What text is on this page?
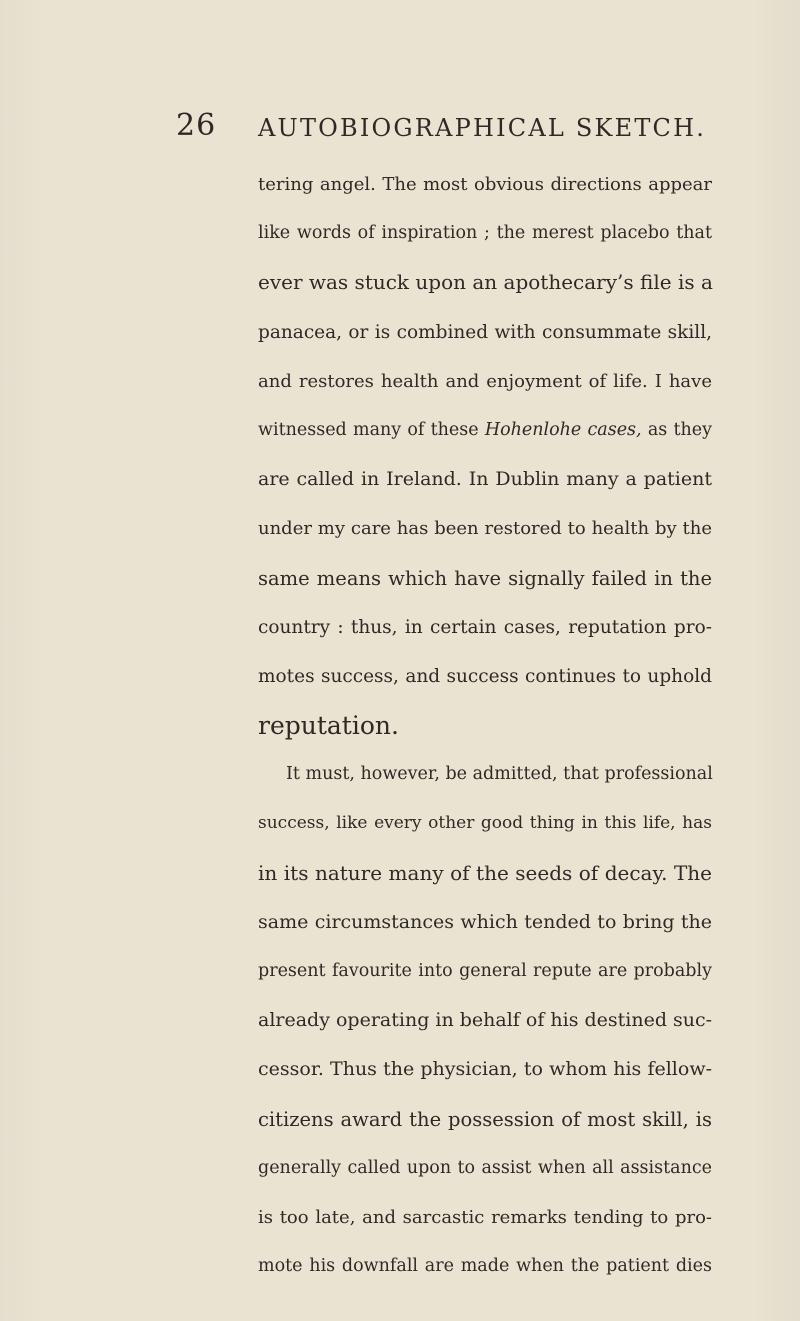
26 AUTOBIOGRAPHICAL SKETCH.
tering angel. The most obvious directions appear
like words of inspiration ; the merest placebo that
ever was stuck upon an apothecary’s file is a
panacea, or is combined with consummate skill,
and restores health and enjoyment of life. I have
witnessed many of these Hohenlohe cases, as they
are called in Ireland. In Dublin many a patient
under my care has been restored to health by the
same means which have signally failed in the
country : thus, in certain cases, reputation pro-
motes success, and success continues to uphold
reputation.
It must, however, be admitted, that professional
success, like every other good thing in this life, has
in its nature many of the seeds of decay. The
same circumstances which tended to bring the
present favourite into general repute are probably
already operating in behalf of his destined suc-
cessor. Thus the physician, to whom his fellow-
citizens award the possession of most skill, is
generally called upon to assist when all assistance
is too late, and sarcastic remarks tending to pro-
mote his downfall are made when the patient dies
